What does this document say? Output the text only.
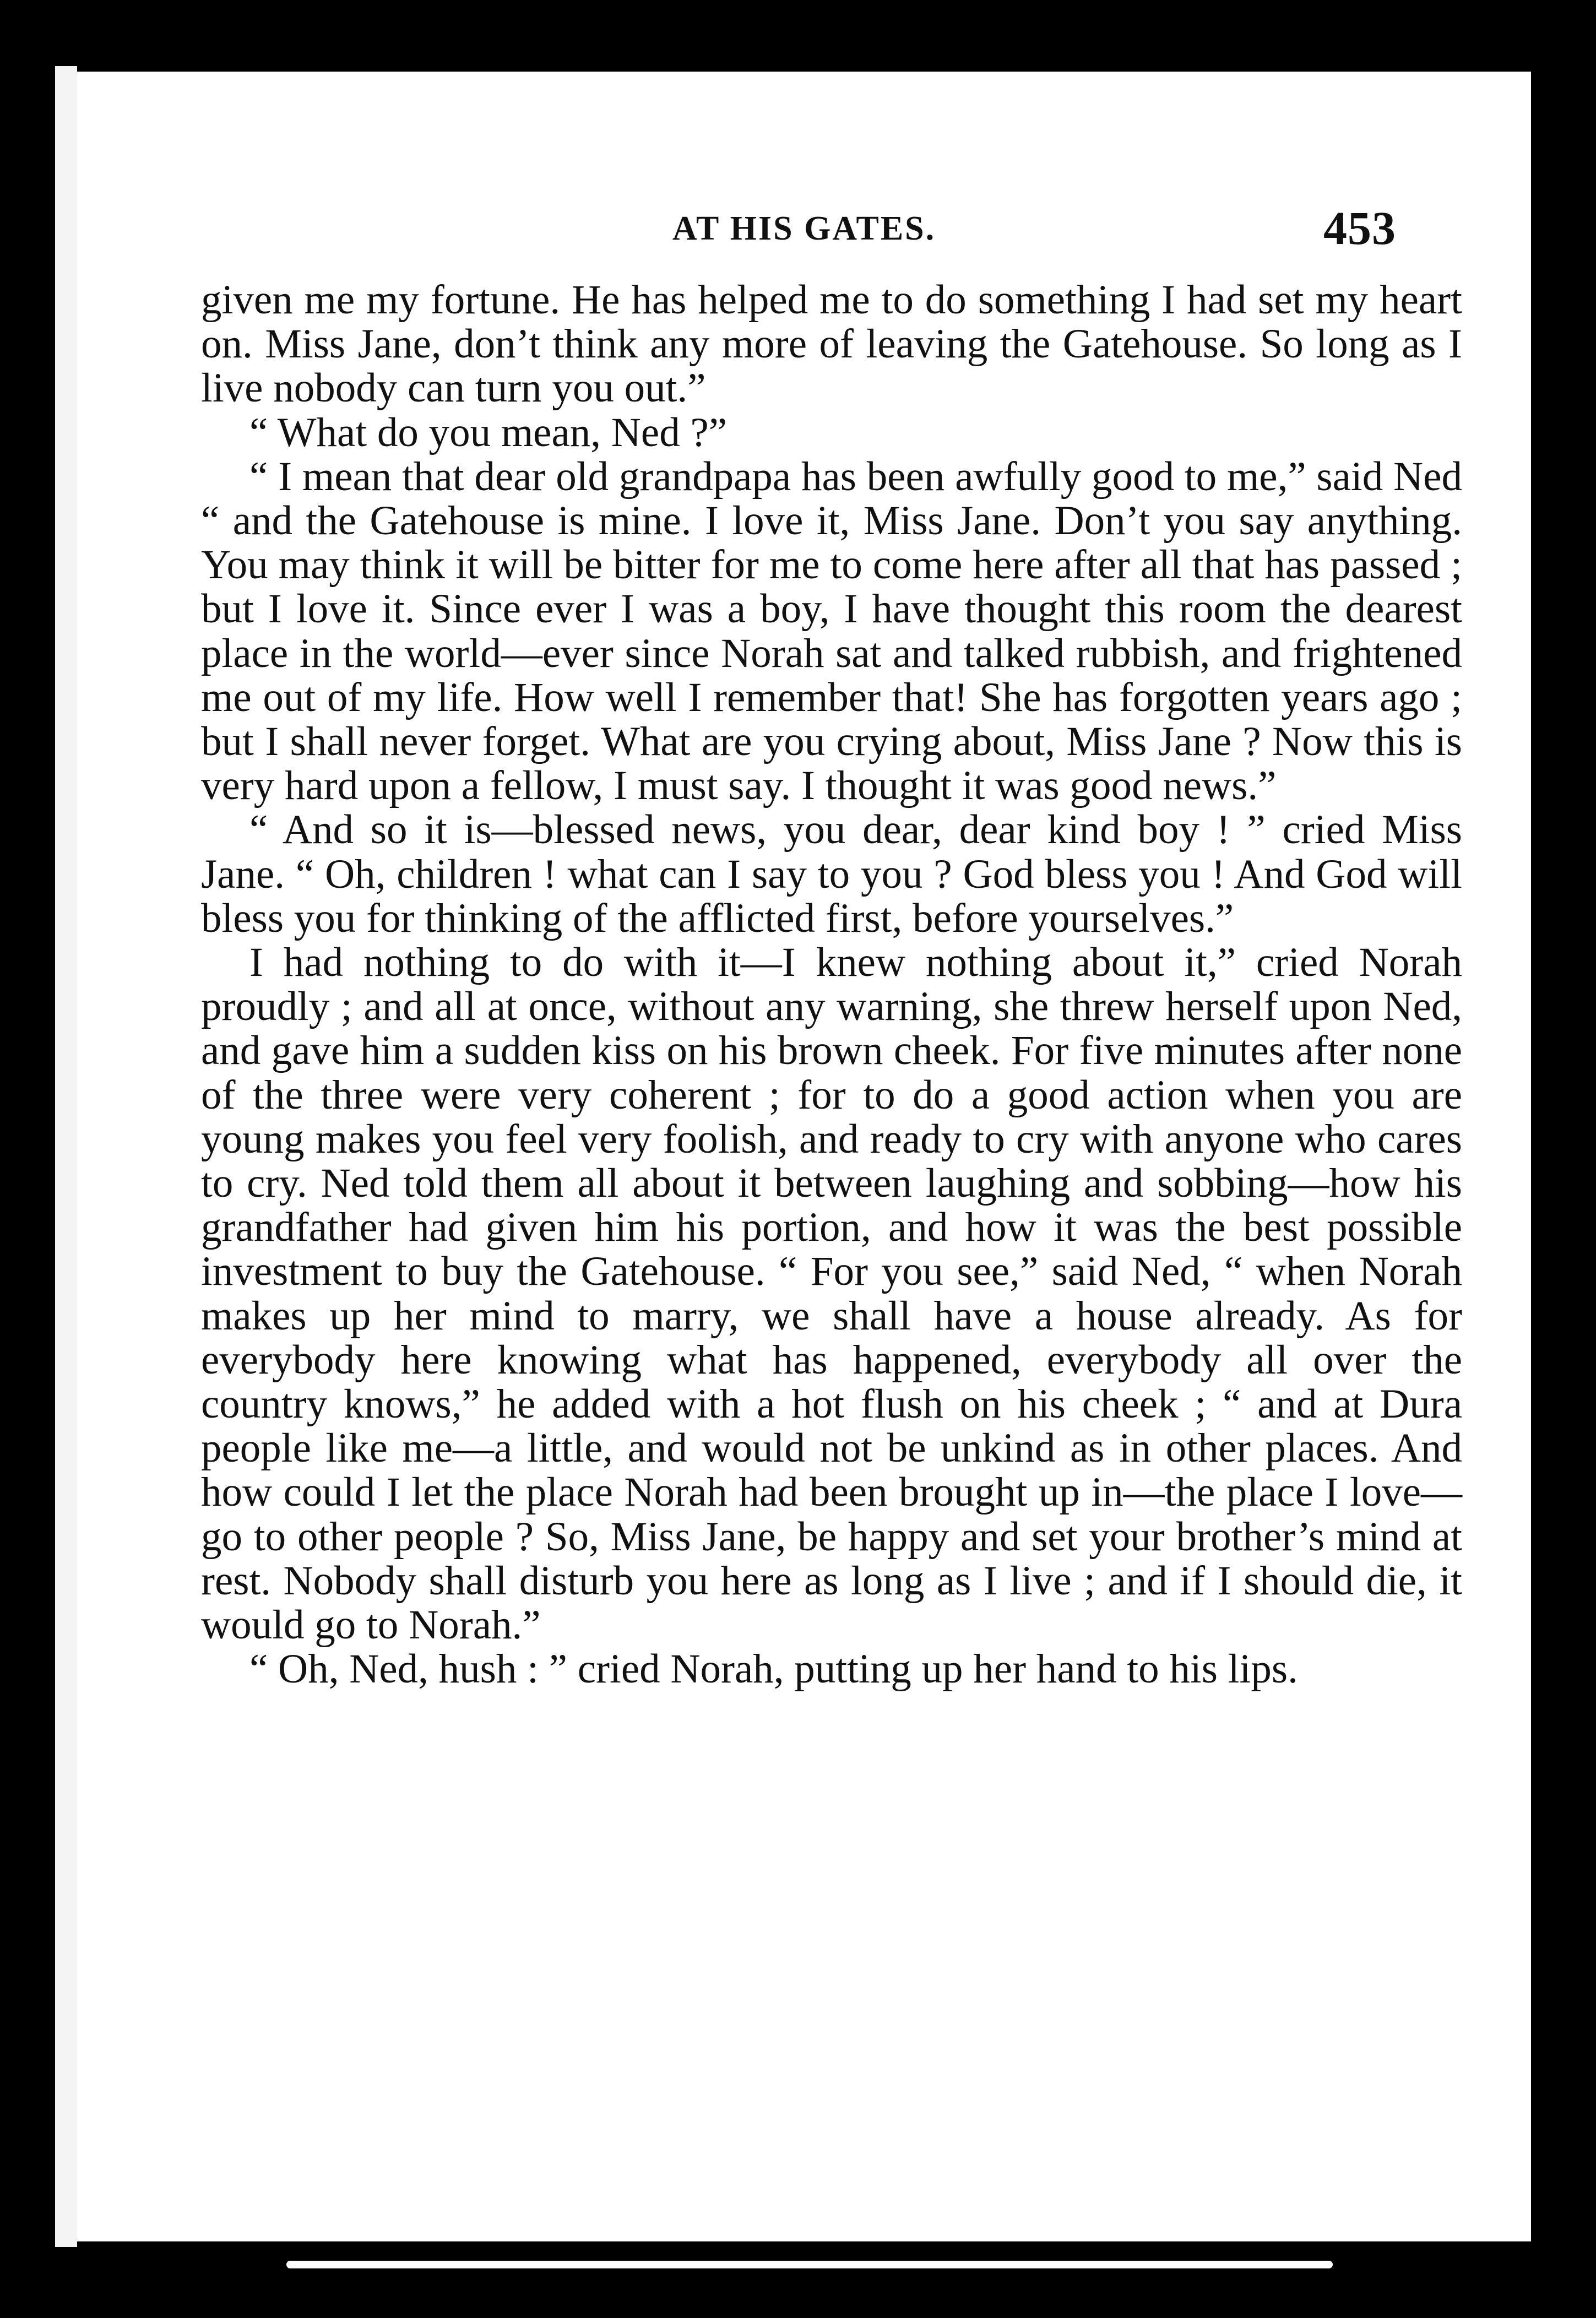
AT HIS GATES.	453

given me my fortune. He has helped me to do something I had set my heart on. Miss Jane, don’t think any more of leaving the Gatehouse. So long as I live nobody can turn you out.”

“ What do you mean, Ned ?”

“ I mean that dear old grandpapa has been awfully good to me,” said Ned “ and the Gatehouse is mine. I love it, Miss Jane. Don’t you say anything. You may think it will be bitter for me to come here after all that has passed ; but I love it. Since ever I was a boy, I have thought this room the dearest place in the world—ever since Norah sat and talked rubbish, and frightened me out of my life. How well I remember that! She has forgotten years ago ; but I shall never forget. What are you crying about, Miss Jane ? Now this is very hard upon a fellow, I must say. I thought it was good news.”

“ And so it is—blessed news, you dear, dear kind boy ! ” cried Miss Jane. “ Oh, children ! what can I say to you ? God bless you ! And God will bless you for thinking of the afflicted first, before yourselves.”

I had nothing to do with it—I knew nothing about it,” cried Norah proudly ; and all at once, without any warning, she threw herself upon Ned, and gave him a sudden kiss on his brown cheek. For five minutes after none of the three were very coherent ; for to do a good action when you are young makes you feel very foolish, and ready to cry with anyone who cares to cry. Ned told them all about it between laughing and sobbing—how his grandfather had given him his portion, and how it was the best possible investment to buy the Gatehouse. “ For you see,” said Ned, “ when Norah makes up her mind to marry, we shall have a house already. As for everybody here knowing what has happened, everybody all over the country knows,” he added with a hot flush on his cheek ; “ and at Dura people like me—a little, and would not be unkind as in other places. And how could I let the place Norah had been brought up in—the place I love—go to other people ? So, Miss Jane, be happy and set your brother’s mind at rest. Nobody shall disturb you here as long as I live ; and if I should die, it would go to Norah.”

“ Oh, Ned, hush : ” cried Norah, putting up her hand to his lips.
